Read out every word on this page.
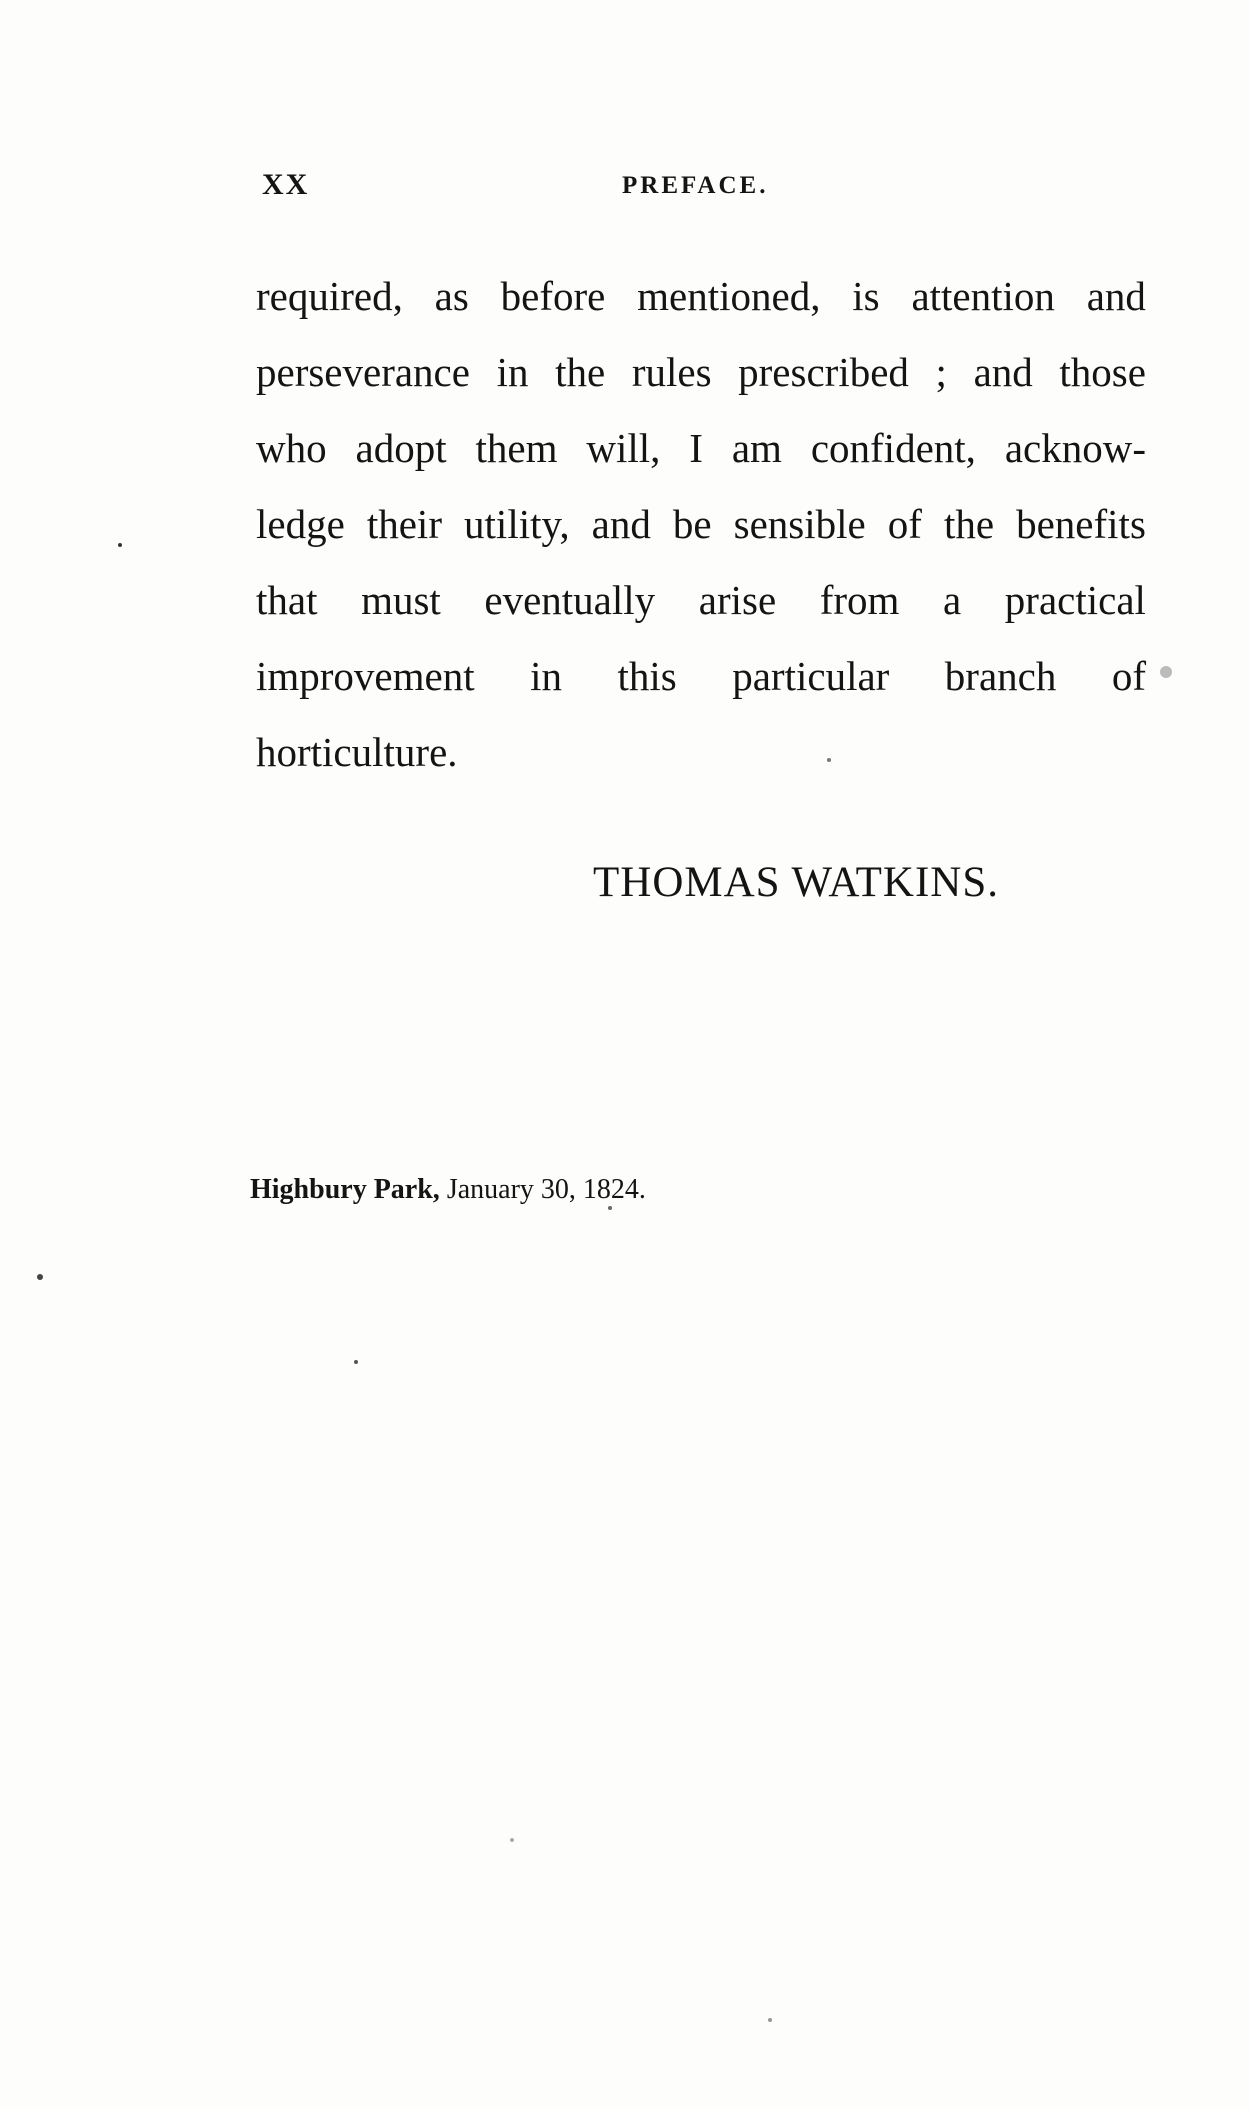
XX	PREFACE.
required, as before mentioned, is attention and
perseverance in the rules prescribed ; and those
who adopt them will, I am confident, acknow-
ledge their utility, and be sensible of the benefits
that must eventually arise from a practical
improvement in this particular branch of
horticulture.
THOMAS WATKINS.
Highbury Park, January 30, 1824.
